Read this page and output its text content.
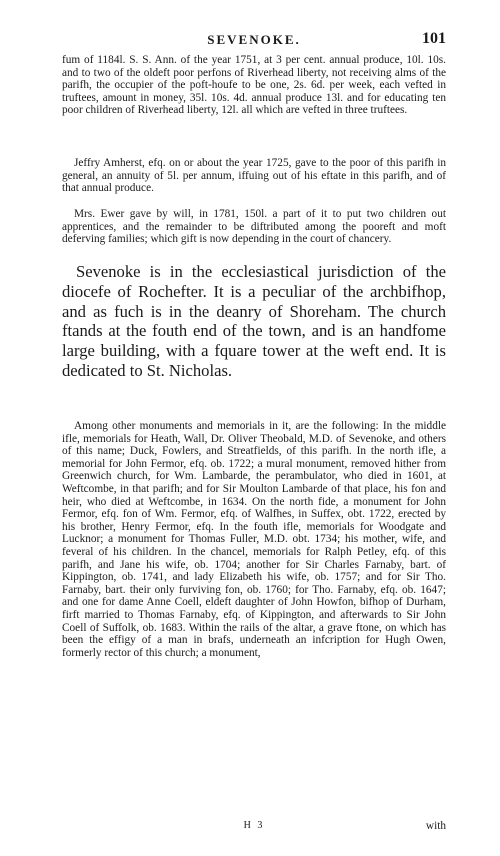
SEVENOKE.	101

fum of 1184l. S. S. Ann. of the year 1751, at 3 per cent. annual produce, 10l. 10s. and to two of the oldeft poor perfons of Riverhead liberty, not receiving alms of the parifh, the occupier of the poft-houfe to be one, 2s. 6d. per week, each vefted in truftees, amount in money, 35l. 10s. 4d. annual produce 13l. and for educating ten poor children of Riverhead liberty, 12l. all which are vefted in three truftees.

Jeffry Amherst, efq. on or about the year 1725, gave to the poor of this parifh in general, an annuity of 5l. per annum, iffuing out of his eftate in this parifh, and of that annual produce.

Mrs. Ewer gave by will, in 1781, 150l. a part of it to put two children out apprentices, and the remainder to be diftributed among the pooreft and moft deferving families; which gift is now depending in the court of chancery.

Sevenoke is in the ecclesiastical jurisdiction of the diocefe of Rochefter. It is a peculiar of the archbifhop, and as fuch is in the deanry of Shoreham. The church ftands at the fouth end of the town, and is an handfome large building, with a fquare tower at the weft end. It is dedicated to St. Nicholas.

Among other monuments and memorials in it, are the following: In the middle ifle, memorials for Heath, Wall, Dr. Oliver Theobald, M.D. of Sevenoke, and others of this name; Duck, Fowlers, and Streatfields, of this parifh. In the north ifle, a memorial for John Fermor, efq. ob. 1722; a mural monument, removed hither from Greenwich church, for Wm. Lambarde, the perambulator, who died in 1601, at Weftcombe, in that parifh; and for Sir Moulton Lambarde of that place, his fon and heir, who died at Weftcombe, in 1634. On the north fide, a monument for John Fermor, efq. fon of Wm. Fermor, efq. of Walfhes, in Suffex, obt. 1722, erected by his brother, Henry Fermor, efq. In the fouth ifle, memorials for Woodgate and Lucknor; a monument for Thomas Fuller, M.D. obt. 1734; his mother, wife, and feveral of his children. In the chancel, memorials for Ralph Petley, efq. of this parifh, and Jane his wife, ob. 1704; another for Sir Charles Farnaby, bart. of Kippington, ob. 1741, and lady Elizabeth his wife, ob. 1757; and for Sir Tho. Farnaby, bart. their only furviving fon, ob. 1760; for Tho. Farnaby, efq. ob. 1647; and one for dame Anne Coell, eldeft daughter of John Howfon, bifhop of Durham, firft married to Thomas Farnaby, efq. of Kippington, and afterwards to Sir John Coell of Suffolk, ob. 1683. Within the rails of the altar, a grave ftone, on which has been the effigy of a man in brafs, underneath an infcription for Hugh Owen, formerly rector of this church; a monument,

H 3	with
